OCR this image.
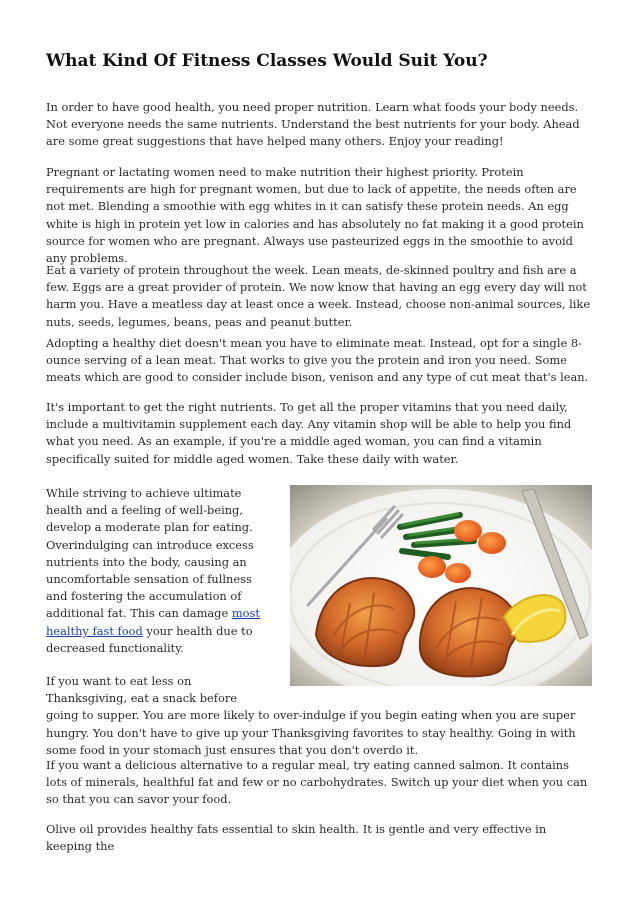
What Kind Of Fitness Classes Would Suit You?

In order to have good health, you need proper nutrition. Learn what foods your body needs. Not everyone needs the same nutrients. Understand the best nutrients for your body. Ahead are some great suggestions that have helped many others. Enjoy your reading!

Pregnant or lactating women need to make nutrition their highest priority. Protein requirements are high for pregnant women, but due to lack of appetite, the needs often are not met. Blending a smoothie with egg whites in it can satisfy these protein needs. An egg white is high in protein yet low in calories and has absolutely no fat making it a good protein source for women who are pregnant. Always use pasteurized eggs in the smoothie to avoid any problems.

Eat a variety of protein throughout the week. Lean meats, de-skinned poultry and fish are a few. Eggs are a great provider of protein. We now know that having an egg every day will not harm you. Have a meatless day at least once a week. Instead, choose non-animal sources, like nuts, seeds, legumes, beans, peas and peanut butter.

Adopting a healthy diet doesn't mean you have to eliminate meat. Instead, opt for a single 8-ounce serving of a lean meat. That works to give you the protein and iron you need. Some meats which are good to consider include bison, venison and any type of cut meat that's lean.

It's important to get the right nutrients. To get all the proper vitamins that you need daily, include a multivitamin supplement each day. Any vitamin shop will be able to help you find what you need. As an example, if you're a middle aged woman, you can find a vitamin specifically suited for middle aged women. Take these daily with water.

While striving to achieve ultimate health and a feeling of well-being, develop a moderate plan for eating. Overindulging can introduce excess nutrients into the body, causing an uncomfortable sensation of fullness and fostering the accumulation of additional fat. This can damage most healthy fast food your health due to decreased functionality.

If you want to eat less on Thanksgiving, eat a snack before going to supper. You are more likely to over-indulge if you begin eating when you are super hungry. You don't have to give up your Thanksgiving favorites to stay healthy. Going in with some food in your stomach just ensures that you don't overdo it.

If you want a delicious alternative to a regular meal, try eating canned salmon. It contains lots of minerals, healthful fat and few or no carbohydrates. Switch up your diet when you can so that you can savor your food.

Olive oil provides healthy fats essential to skin health. It is gentle and very effective in keeping the
